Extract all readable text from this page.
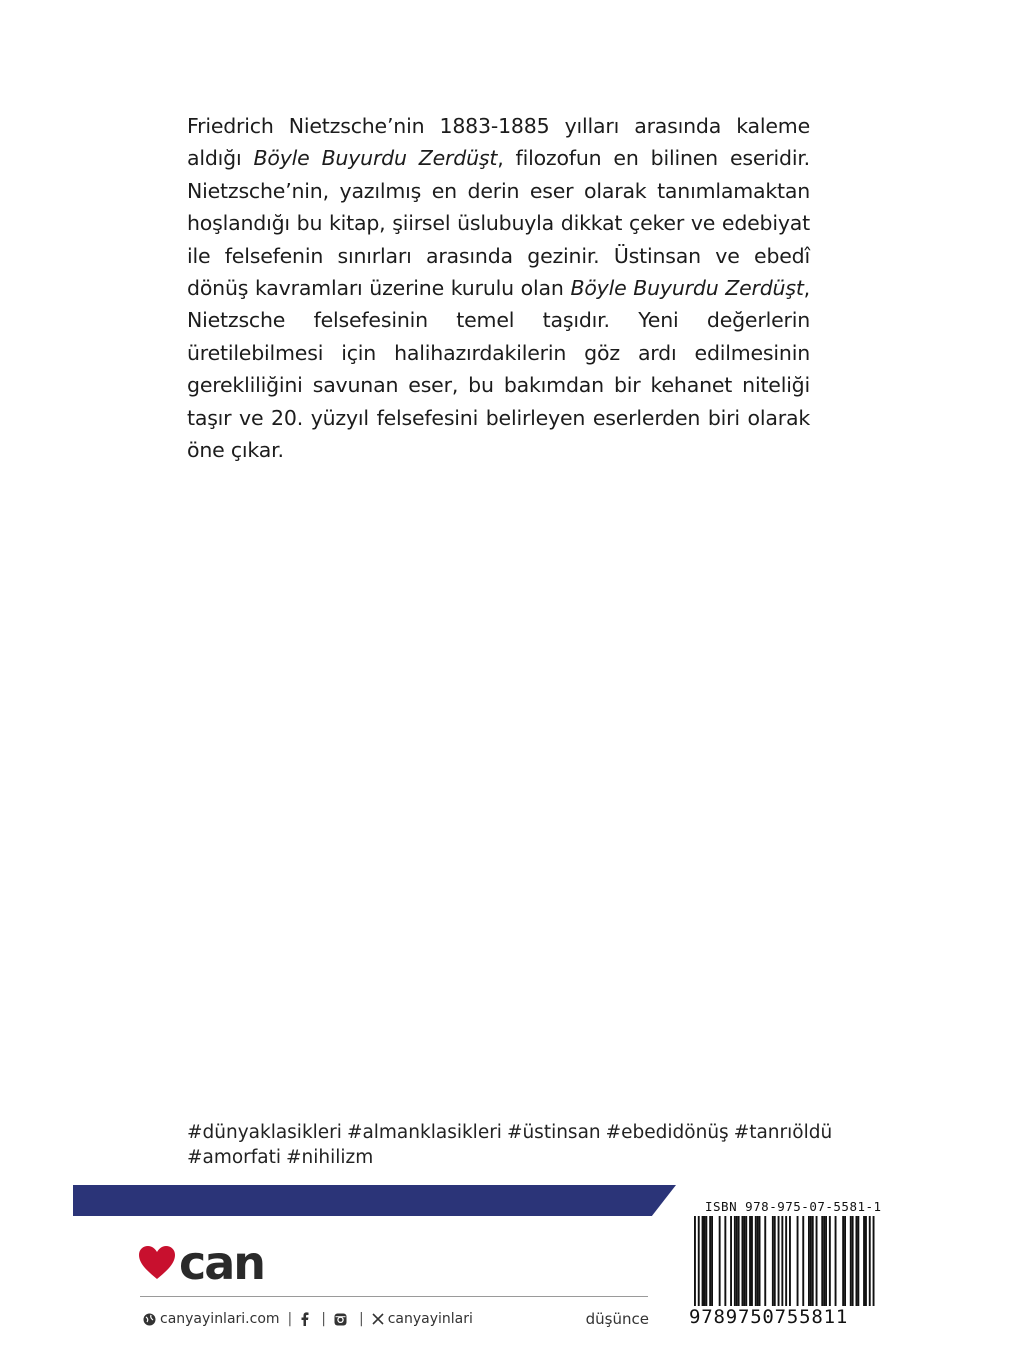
Friedrich Nietzsche’nin 1883-1885 yılları arasında kaleme aldığı Böyle Buyurdu Zerdüşt, filozofun en bilinen eseridir. Nietzsche’nin, yazılmış en derin eser olarak tanımlamaktan hoşlandığı bu kitap, şiirsel üslubuyla dikkat çeker ve edebiyat ile felsefenin sınırları arasında gezinir. Üstinsan ve ebedî dönüş kavramları üzerine kurulu olan Böyle Buyurdu Zerdüşt, Nietzsche felsefesinin temel taşıdır. Yeni değerlerin üretilebilmesi için halihazırdakilerin göz ardı edilmesinin gerekliliğini savunan eser, bu bakımdan bir kehanet niteliği taşır ve 20. yüzyıl felsefesini belirleyen eserlerden biri olarak öne çıkar.
#dünyaklasikleri #almanklasikleri #üstinsan #ebedidönüş #tanrıöldü
#amorfati #nihilizm
can
canyayinlari.com | | | canyayinlari	düşünce
ISBN 978-975-07-5581-1
9789750755811
